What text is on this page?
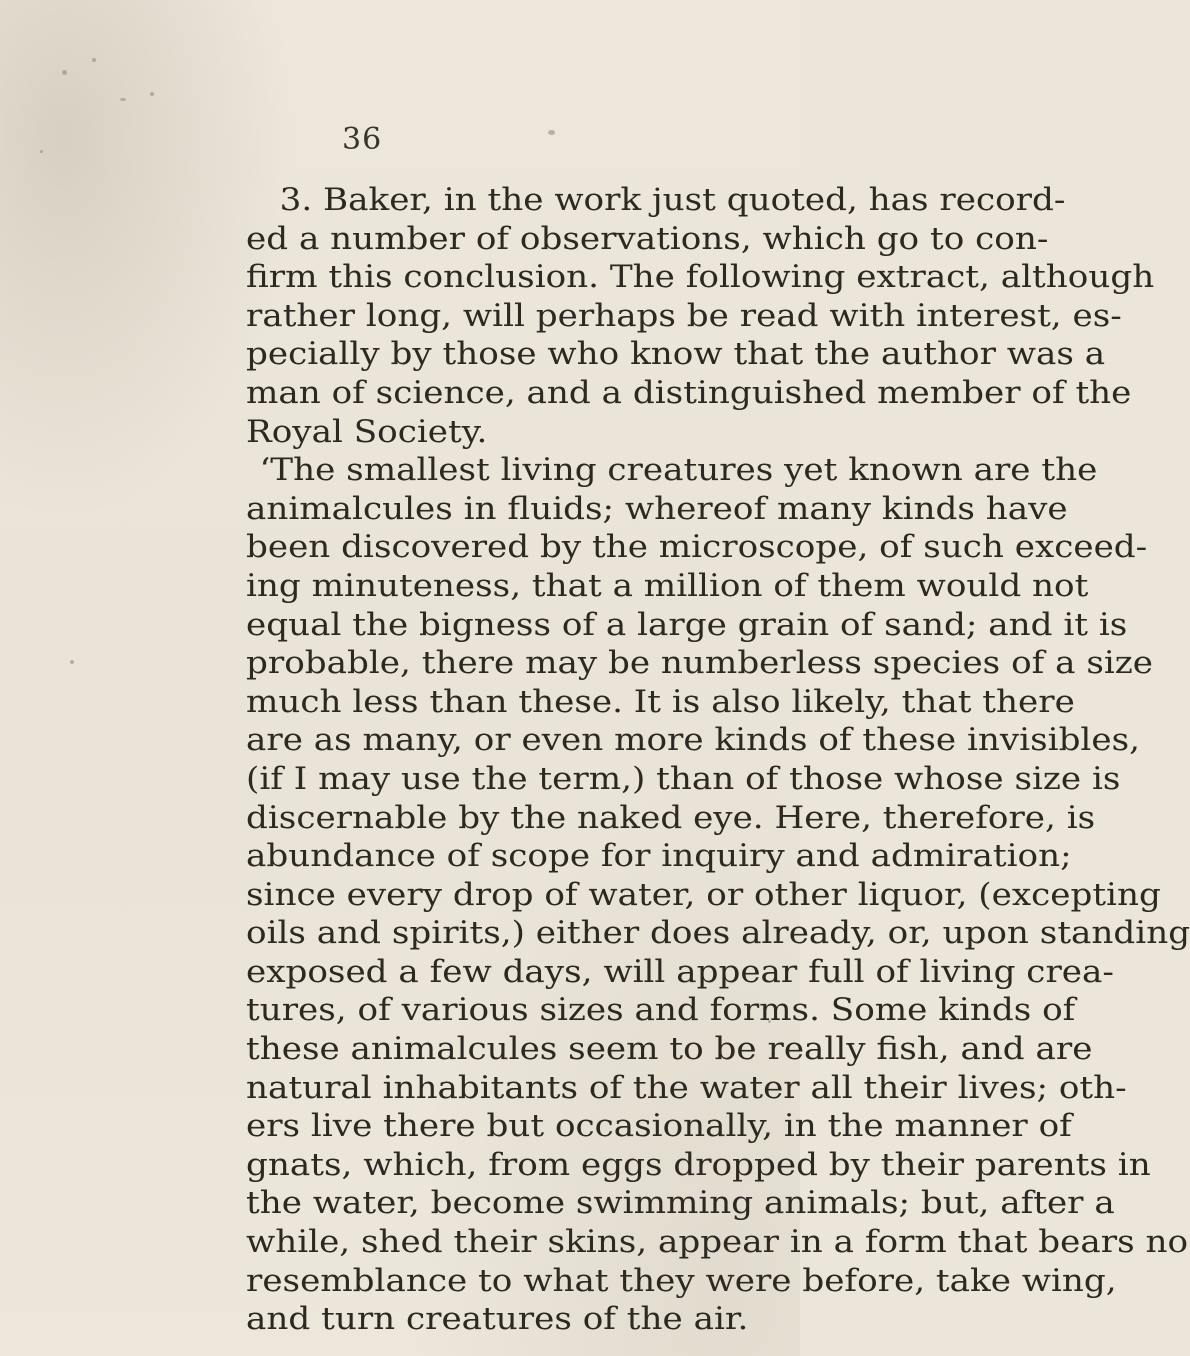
36
3. Baker, in the work just quoted, has record-
ed a number of observations, which go to con-
firm this conclusion. The following extract, although
rather long, will perhaps be read with interest, es-
pecially by those who know that the author was a
man of science, and a distinguished member of the
Royal Society.
‘The smallest living creatures yet known are the
animalcules in fluids; whereof many kinds have
been discovered by the microscope, of such exceed-
ing minuteness, that a million of them would not
equal the bigness of a large grain of sand; and it is
probable, there may be numberless species of a size
much less than these. It is also likely, that there
are as many, or even more kinds of these invisibles,
(if I may use the term,) than of those whose size is
discernable by the naked eye. Here, therefore, is
abundance of scope for inquiry and admiration;
since every drop of water, or other liquor, (excepting
oils and spirits,) either does already, or, upon standing
exposed a few days, will appear full of living crea-
tures, of various sizes and forms. Some kinds of
these animalcules seem to be really fish, and are
natural inhabitants of the water all their lives; oth-
ers live there but occasionally, in the manner of
gnats, which, from eggs dropped by their parents in
the water, become swimming animals; but, after a
while, shed their skins, appear in a form that bears no
resemblance to what they were before, take wing,
and turn creatures of the air.
